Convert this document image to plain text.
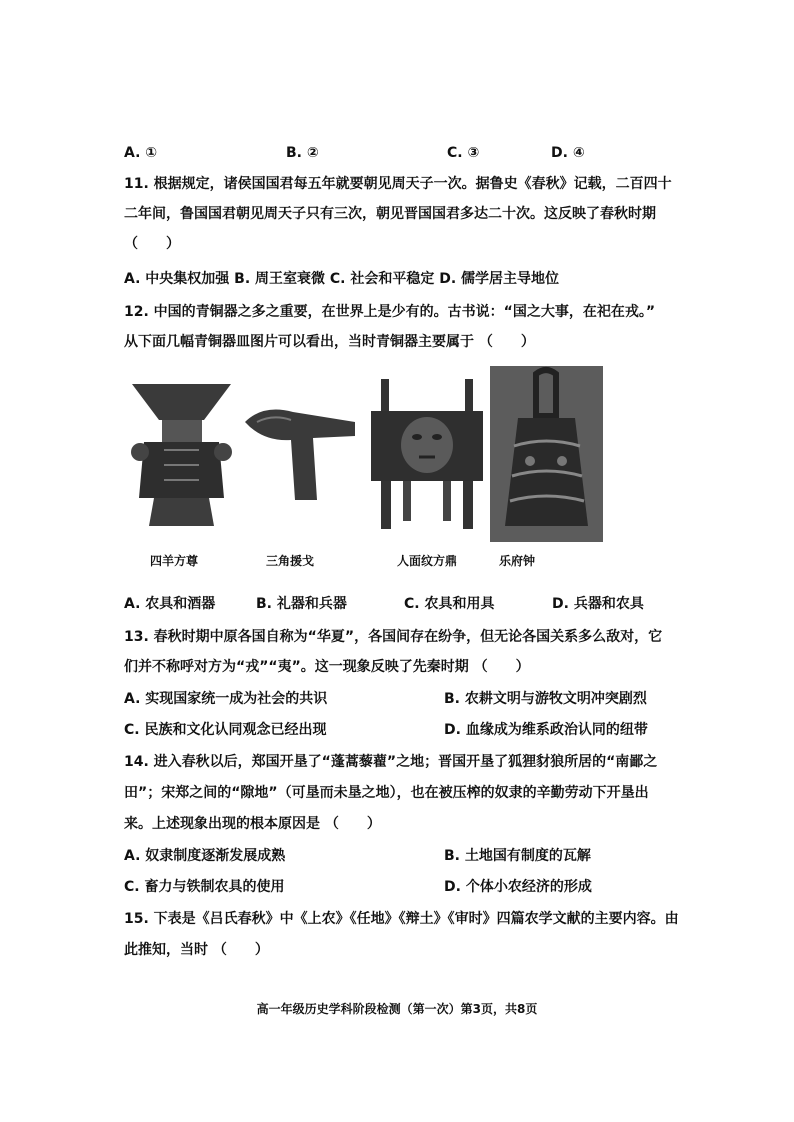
A. ①	B. ②	C. ③	D. ④
11. 根据规定，诸侯国国君每五年就要朝见周天子一次。据鲁史《春秋》记载，二百四十
二年间，鲁国国君朝见周天子只有三次，朝见晋国国君多达二十次。这反映了春秋时期
（　　）
A. 中央集权加强 B. 周王室衰微 C. 社会和平稳定 D. 儒学居主导地位
12. 中国的青铜器之多之重要，在世界上是少有的。古书说：“国之大事，在祀在戎。”
从下面几幅青铜器皿图片可以看出，当时青铜器主要属于 （　　）
四羊方尊	三角援戈	人面纹方鼎	乐府钟
A. 农具和酒器	B. 礼器和兵器	C. 农具和用具	D. 兵器和农具
13. 春秋时期中原各国自称为“华夏”，各国间存在纷争，但无论各国关系多么敌对，它
们并不称呼对方为“戎”“夷”。这一现象反映了先秦时期 （　　）
A. 实现国家统一成为社会的共识	B. 农耕文明与游牧文明冲突剧烈
C. 民族和文化认同观念已经出现	D. 血缘成为维系政治认同的纽带
14. 进入春秋以后，郑国开垦了“蓬蒿藜藋”之地；晋国开垦了狐狸豺狼所居的“南鄙之
田”；宋郑之间的“隙地”（可垦而未垦之地），也在被压榨的奴隶的辛勤劳动下开垦出
来。上述现象出现的根本原因是 （　　）
A. 奴隶制度逐渐发展成熟	B. 土地国有制度的瓦解
C. 畜力与铁制农具的使用	D. 个体小农经济的形成
15. 下表是《吕氏春秋》中《上农》《任地》《辩土》《审时》四篇农学文献的主要内容。由
此推知，当时 （　　）
高一年级历史学科阶段检测（第一次）第3页，共8页
